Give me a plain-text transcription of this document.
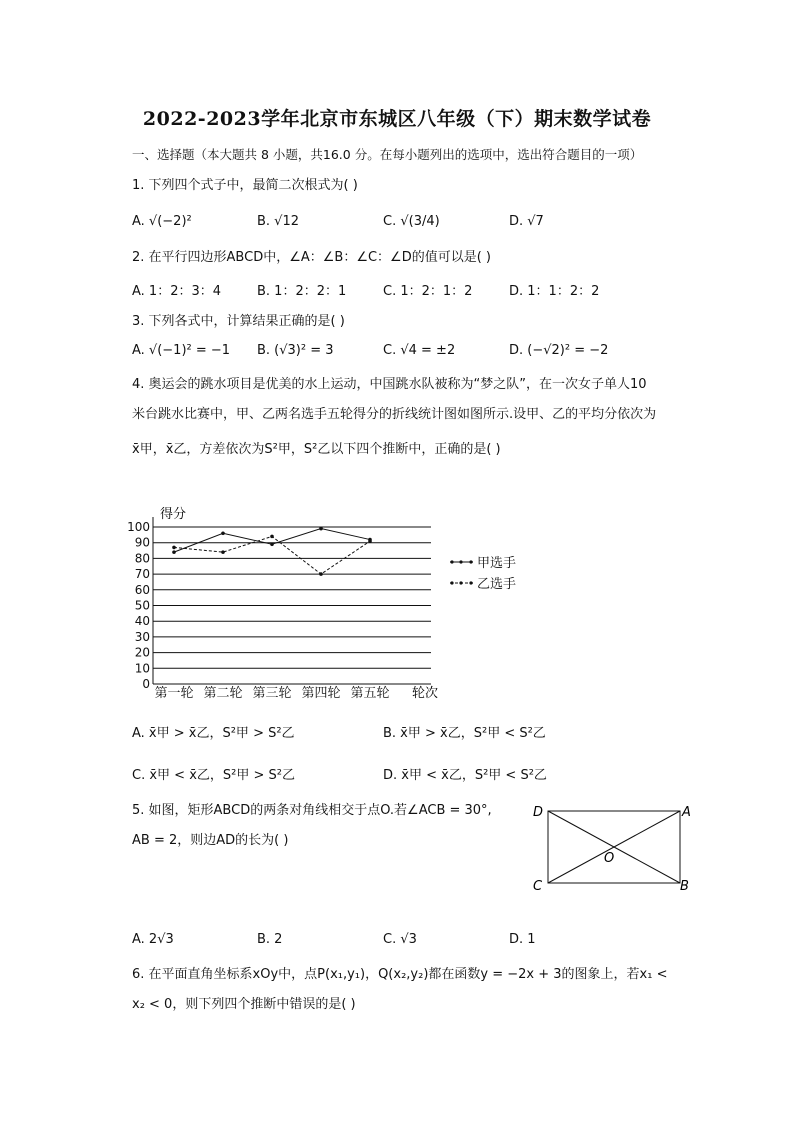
2022-2023学年北京市东城区八年级（下）期末数学试卷
一、选择题（本大题共 8 小题，共16.0 分。在每小题列出的选项中，选出符合题目的一项）
1. 下列四个式子中，最简二次根式为( )
A. √(−2)²	B. √12	C. √(3/4)	D. √7
2. 在平行四边形ABCD中，∠A：∠B：∠C：∠D的值可以是( )
A. 1：2：3：4	B. 1：2：2：1	C. 1：2：1：2	D. 1：1：2：2
3. 下列各式中，计算结果正确的是( )
A. √(−1)² = −1 B. (√3)² = 3	C. √4 = ±2	D. (−√2)² = −2
4. 奥运会的跳水项目是优美的水上运动，中国跳水队被称为“梦之队”，在一次女子单人10
米台跳水比赛中，甲、乙两名选手五轮得分的折线统计图如图所示.设甲、乙的平均分依次为
x̄甲，x̄乙，方差依次为S²甲，S²乙以下四个推断中，正确的是( )
0
10
20
30
40
50
60
70
80
90
100
第一轮 第二轮 第三轮 第四轮 第五轮
甲选手
乙选手
得分
轮次
A. x̄甲 > x̄乙，S²甲 > S²乙	B. x̄甲 > x̄乙，S²甲 < S²乙
C. x̄甲 < x̄乙，S²甲 > S²乙	D. x̄甲 < x̄乙，S²甲 < S²乙
5. 如图，矩形ABCD的两条对角线相交于点O.若∠ACB = 30°,
AB = 2，则边AD的长为( )
D	A
C	B
O
A. 2√3	B. 2	C. √3	D. 1
6. 在平面直角坐标系xOy中，点P(x₁,y₁)，Q(x₂,y₂)都在函数y = −2x + 3的图象上，若x₁ <
x₂ < 0，则下列四个推断中错误的是( )
